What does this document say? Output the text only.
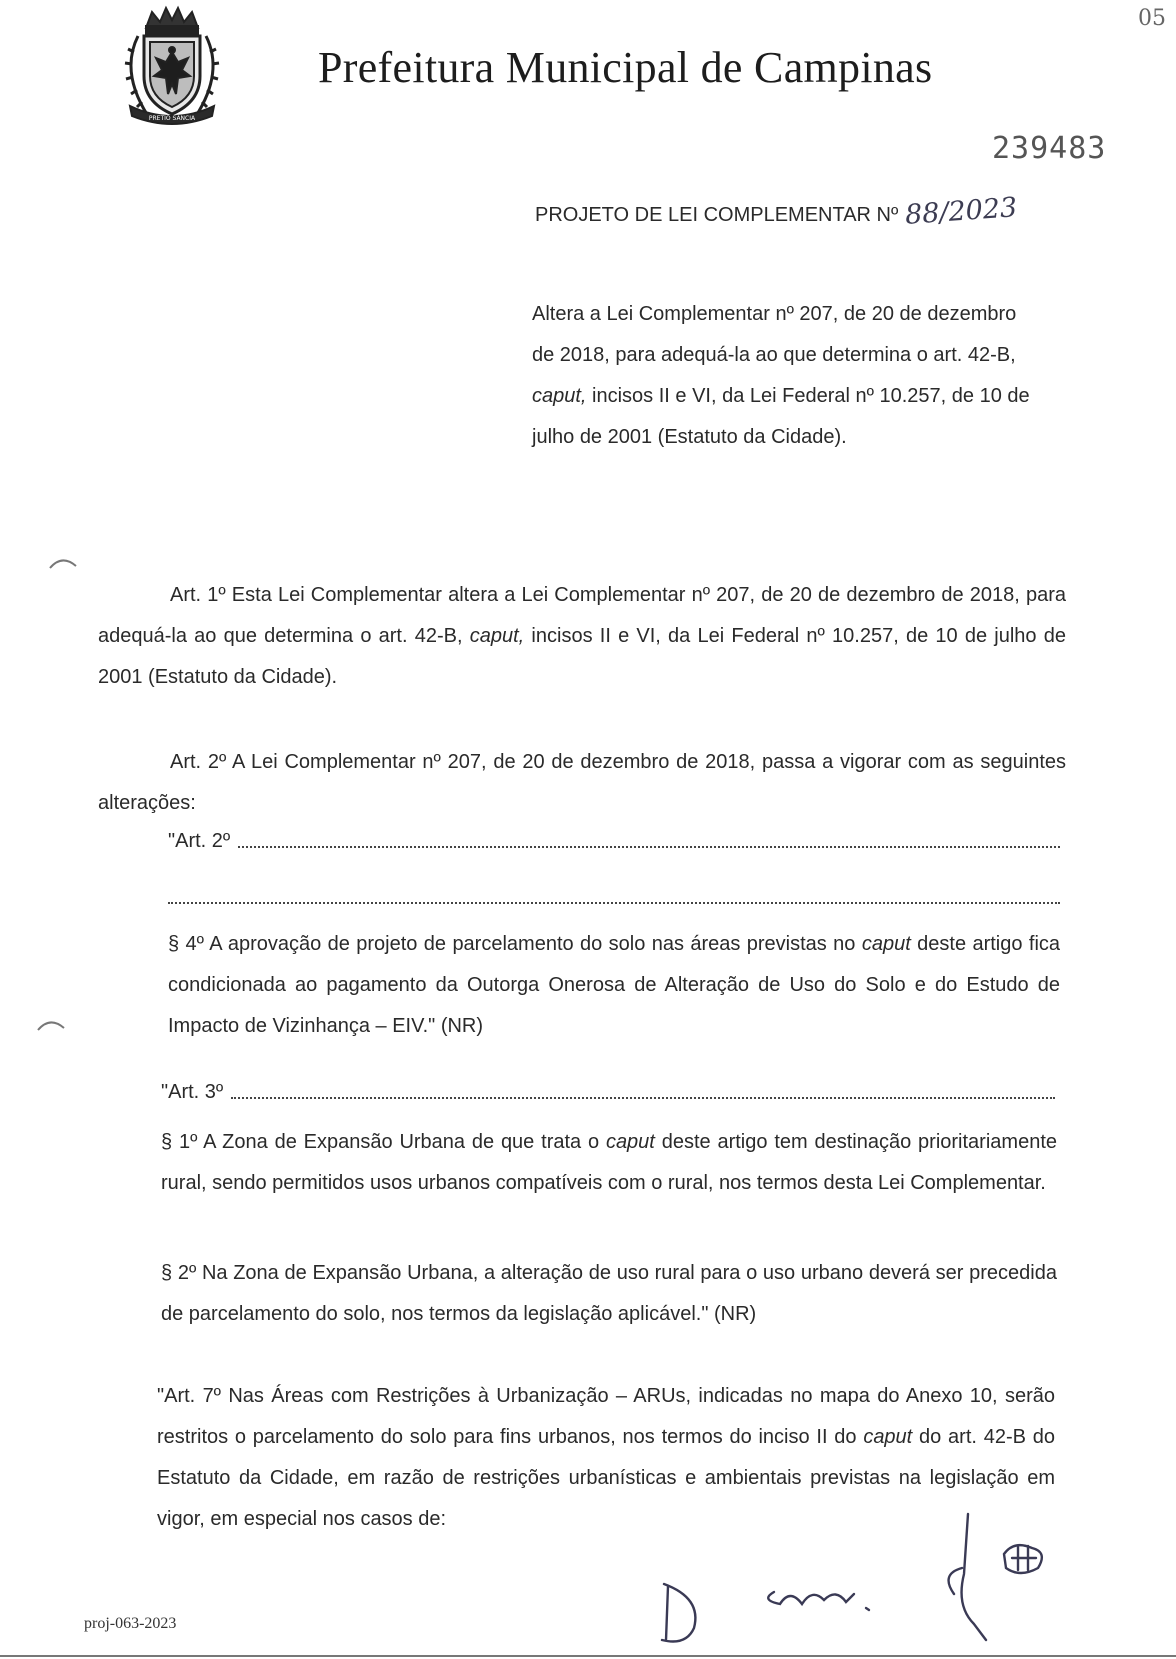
PRETIO SANCIA
Prefeitura Municipal de Campinas
239483
05
PROJETO DE LEI COMPLEMENTAR Nº 88/2023

Altera a Lei Complementar nº 207, de 20 de dezembro

de 2018, para adequá-la ao que determina o art. 42-B,

caput, incisos II e VI, da Lei Federal nº 10.257, de 10 de

julho de 2001 (Estatuto da Cidade).

Art. 1º Esta Lei Complementar altera a Lei Complementar nº 207, de 20 de dezembro de 2018, para adequá-la ao que determina o art. 42-B, caput, incisos II e VI, da Lei Federal nº 10.257, de 10 de julho de 2001 (Estatuto da Cidade).

Art. 2º A Lei Complementar nº 207, de 20 de dezembro de 2018, passa a vigorar com as seguintes alterações:

"Art. 2º

§ 4º A aprovação de projeto de parcelamento do solo nas áreas previstas no caput deste artigo fica condicionada ao pagamento da Outorga Onerosa de Alteração de Uso do Solo e do Estudo de Impacto de Vizinhança – EIV." (NR)

"Art. 3º

§ 1º A Zona de Expansão Urbana de que trata o caput deste artigo tem destinação prioritariamente rural, sendo permitidos usos urbanos compatíveis com o rural, nos termos desta Lei Complementar.

§ 2º Na Zona de Expansão Urbana, a alteração de uso rural para o uso urbano deverá ser precedida de parcelamento do solo, nos termos da legislação aplicável." (NR)

"Art. 7º Nas Áreas com Restrições à Urbanização – ARUs, indicadas no mapa do Anexo 10, serão restritos o parcelamento do solo para fins urbanos, nos termos do inciso II do caput do art. 42-B do Estatuto da Cidade, em razão de restrições urbanísticas e ambientais previstas na legislação em vigor, em especial nos casos de:

proj-063-2023
